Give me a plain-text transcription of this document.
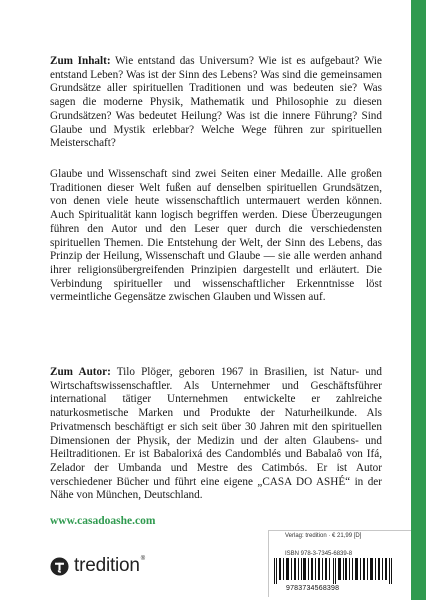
Zum Inhalt: Wie entstand das Universum? Wie ist es aufgebaut? Wie entstand Leben? Was ist der Sinn des Lebens? Was sind die gemeinsamen Grundsätze aller spirituellen Traditionen und was bedeuten sie? Was sagen die moderne Physik, Mathematik und Philosophie zu diesen Grundsätzen? Was bedeutet Heilung? Was ist die innere Führung? Sind Glaube und Mystik erlebbar? Welche Wege führen zur spirituellen Meisterschaft?

Glaube und Wissenschaft sind zwei Seiten einer Medaille. Alle großen Traditionen dieser Welt fußen auf denselben spirituellen Grundsätzen, von denen viele heute wissenschaftlich untermauert werden können. Auch Spiritualität kann logisch begriffen werden. Diese Überzeugungen führen den Autor und den Leser quer durch die verschiedensten spirituellen Themen. Die Entstehung der Welt, der Sinn des Lebens, das Prinzip der Heilung, Wissenschaft und Glaube — sie alle werden anhand ihrer religionsübergreifenden Prinzipien dargestellt und erläutert. Die Verbindung spiritueller und wissenschaftlicher Erkenntnisse löst vermeintliche Gegensätze zwischen Glauben und Wissen auf.

Zum Autor: Tilo Plöger, geboren 1967 in Brasilien, ist Natur- und Wirtschaftswissenschaftler. Als Unternehmer und Geschäftsführer international tätiger Unternehmen entwickelte er zahlreiche naturkosmetische Marken und Produkte der Naturheilkunde. Als Privatmensch beschäftigt er sich seit über 30 Jahren mit den spirituellen Dimensionen der Physik, der Medizin und der alten Glaubens- und Heiltraditionen. Er ist Babalorixá des Candomblés und Babalaô von Ifá, Zelador der Umbanda und Mestre des Catimbós. Er ist Autor verschiedener Bücher und führt eine eigene „CASA DO ASHÉ“ in der Nähe von München, Deutschland.

www.casadoashe.com
tredition ®
Verlag: tredition · € 21,99 [D]
ISBN 978-3-7345-6839-8
9783734568398
